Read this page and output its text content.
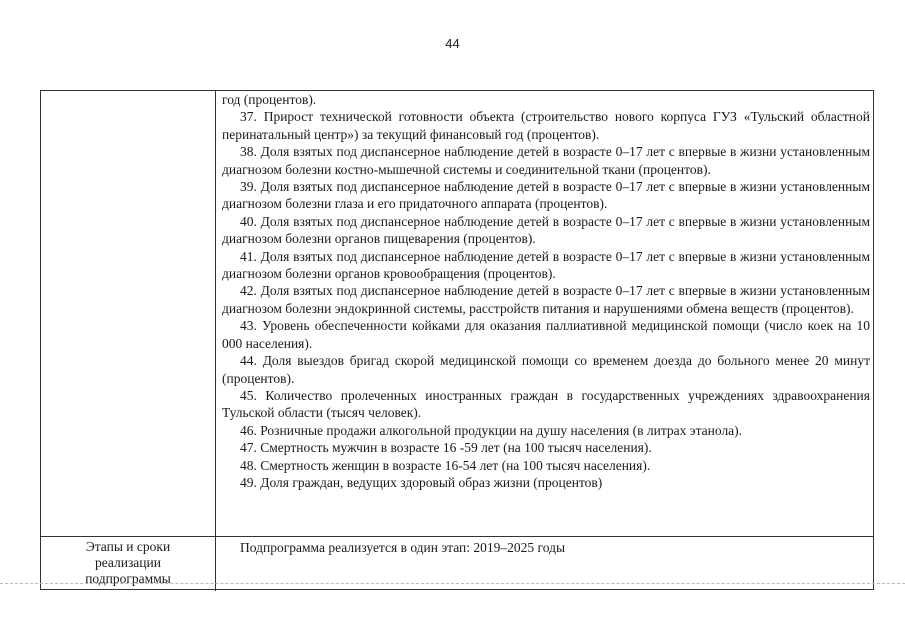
44

год (процентов).

37. Прирост технической готовности объекта (строительство нового корпуса ГУЗ «Тульский областной перинатальный центр») за текущий финансовый год (процентов).

38. Доля взятых под диспансерное наблюдение детей в возрасте 0–17 лет с впервые в жизни установленным диагнозом болезни костно-мышечной системы и соединительной ткани (процентов).

39. Доля взятых под диспансерное наблюдение детей в возрасте 0–17 лет с впервые в жизни установленным диагнозом болезни глаза и его придаточного аппарата (процентов).

40. Доля взятых под диспансерное наблюдение детей в возрасте 0–17 лет с впервые в жизни установленным диагнозом болезни органов пищеварения (процентов).

41. Доля взятых под диспансерное наблюдение детей в возрасте 0–17 лет с впервые в жизни установленным диагнозом болезни органов кровообращения (процентов).

42. Доля взятых под диспансерное наблюдение детей в возрасте 0–17 лет с впервые в жизни установленным диагнозом болезни эндокринной системы, расстройств питания и нарушениями обмена веществ (процентов).

43. Уровень обеспеченности койками для оказания паллиативной медицинской помощи (число коек на 10 000 населения).

44. Доля выездов бригад скорой медицинской помощи со временем доезда до больного менее 20 минут (процентов).

45. Количество пролеченных иностранных граждан в государственных учреждениях здравоохранения Тульской области (тысяч человек).

46. Розничные продажи алкогольной продукции на душу населения (в литрах этанола).

47. Смертность мужчин в возрасте 16 -59 лет (на 100 тысяч населения).

48. Смертность женщин в возрасте 16-54 лет (на 100 тысяч населения).

49. Доля граждан, ведущих здоровый образ жизни (процентов)

Этапы и сроки
реализации
подпрограммы

Подпрограмма реализуется в один этап: 2019–2025 годы
